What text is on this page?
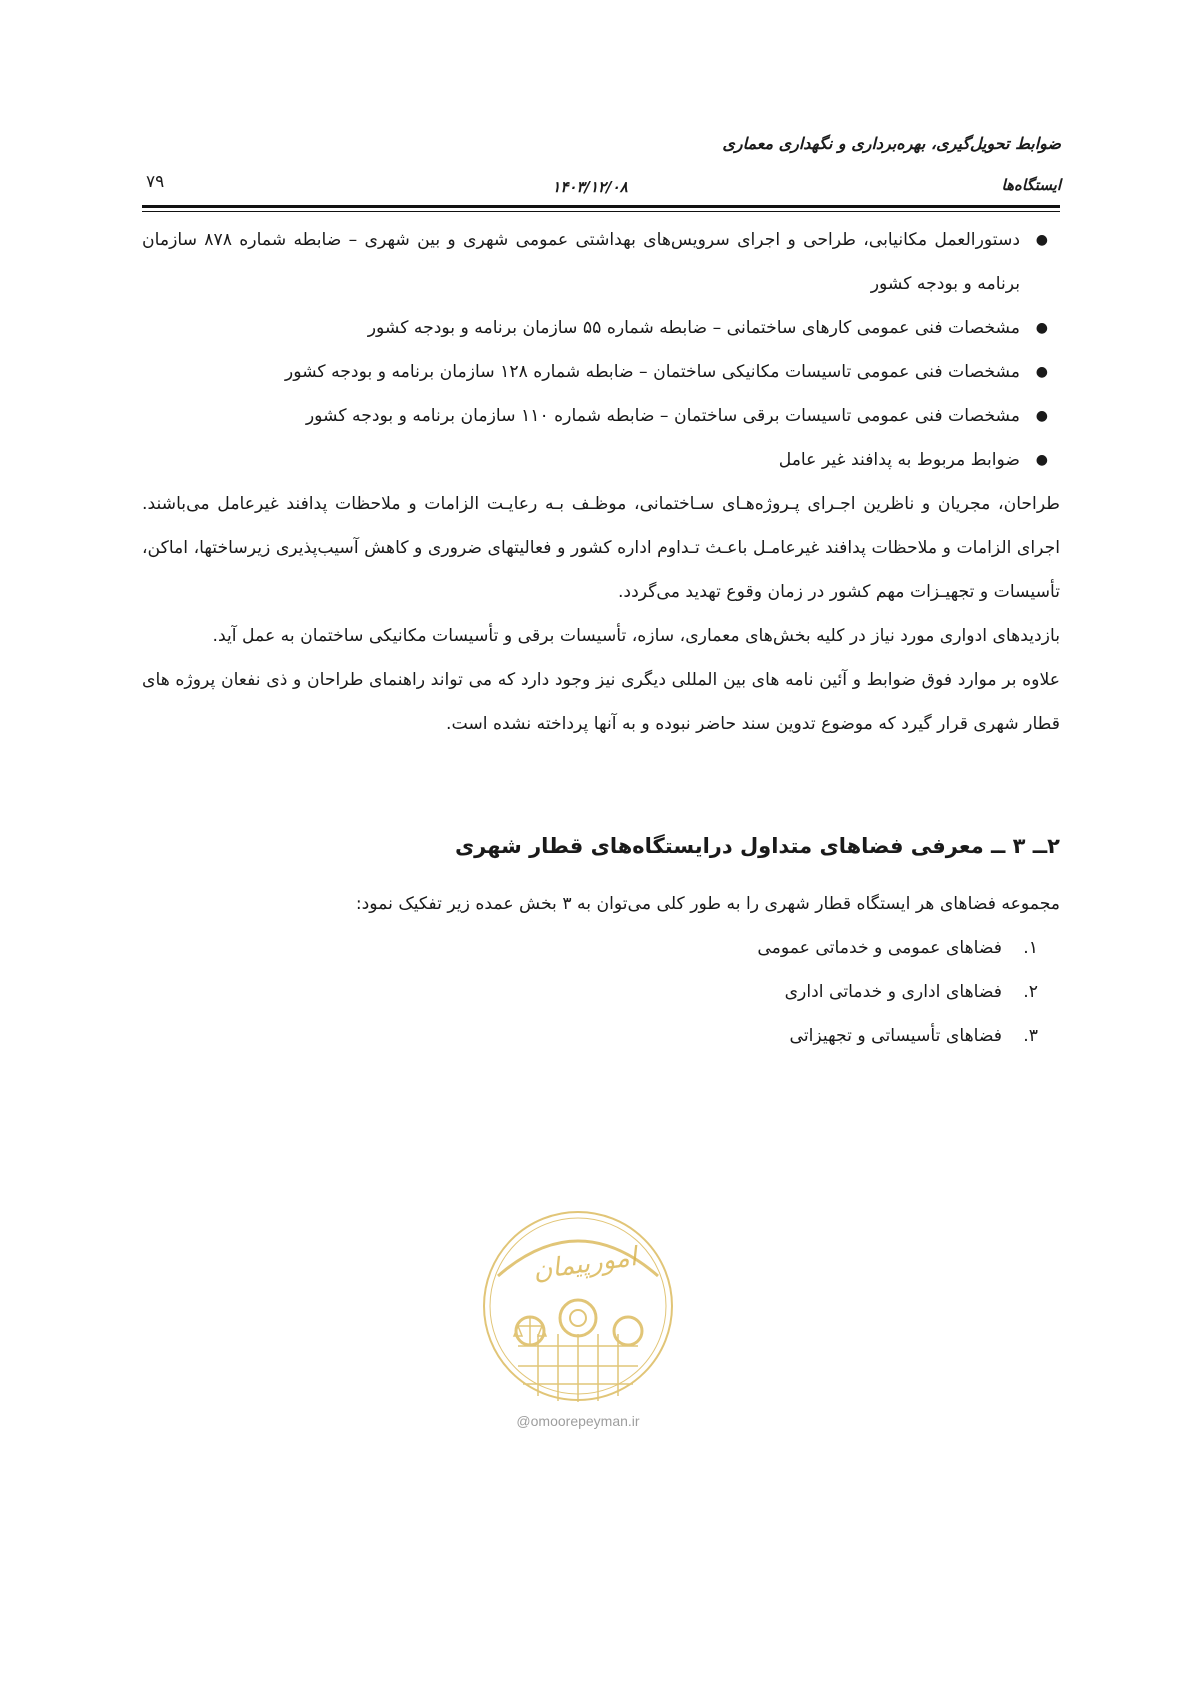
ضوابط تحویل‌گیری، بهره‌برداری و نگهداری معماری
ایستگاه‌ها
۱۴۰۳/۱۲/۰۸
۷۹
●
دستورالعمل مکانیابی، طراحی و اجرای سرویس‌های بهداشتی عمومی شهری و بین شهری – ضابطه شماره ۸۷۸ سازمان برنامه و بودجه کشور
●
مشخصات فنی عمومی کارهای ساختمانی – ضابطه شماره ۵۵ سازمان برنامه و بودجه کشور
●
مشخصات فنی عمومی تاسیسات مکانیکی ساختمان – ضابطه شماره ۱۲۸ سازمان برنامه و بودجه کشور
●
مشخصات فنی عمومی تاسیسات برقی ساختمان – ضابطه شماره ۱۱۰ سازمان برنامه و بودجه کشور
●
ضوابط مربوط به پدافند غیر عامل

طراحان، مجریان و ناظرین اجـرای پـروژه‌هـای سـاختمانی، موظـف بـه رعایـت الزامات و ملاحظات پدافند غیرعامل می‌باشند. اجرای الزامات و ملاحظات پدافند غیرعامـل باعـث تـداوم اداره کشور و فعالیتهای ضروری و کاهش آسیب‌پذیری زیرساختها، اماکن، تأسیسات و تجهیـزات مهم کشور در زمان وقوع تهدید می‌گردد.

بازدیدهای ادواری مورد نیاز در کلیه بخش‌های معماری، سازه، تأسیسات برقی و تأسیسات مکانیکی ساختمان به عمل آید.

علاوه بر موارد فوق ضوابط و آئین نامه های بین المللی دیگری نیز وجود دارد که می تواند راهنمای طراحان و ذی نفعان پروژه های قطار شهری قرار گیرد که موضوع تدوین سند حاضر نبوده و به آنها پرداخته نشده است.

۲ــ ۳ ــ معرفی فضاهای متداول درایستگاه‌های قطار شهری

مجموعه فضاهای هر ایستگاه قطار شهری را به طور کلی می‌توان به ۳ بخش عمده زیر تفکیک نمود:

۱.
فضاهای عمومی و خدماتی عمومی
۲.
فضاهای اداری و خدماتی اداری
۳.
فضاهای تأسیساتی و تجهیزاتی
امورپیمان
@omoorepeyman.ir
